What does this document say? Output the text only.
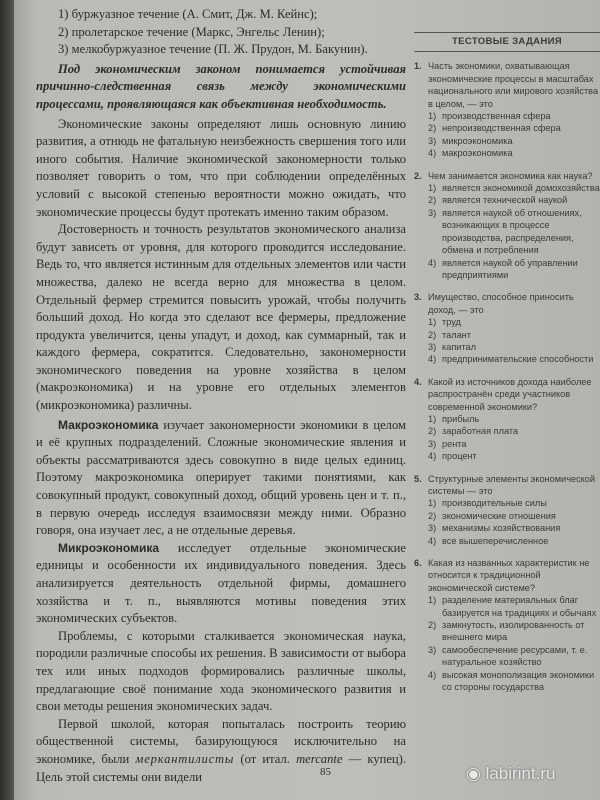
1) буржуазное течение (А. Смит, Дж. М. Кейнс);

2) пролетарское течение (Маркс, Энгельс Ленин);

3) мелкобуржуазное течение (П. Ж. Прудон, М. Бакунин).

Под экономическим законом понимается устойчивая причинно-следственная связь между экономическими процессами, проявляющаяся как объективная необходимость.

Экономические законы определяют лишь основную линию развития, а отнюдь не фатальную неизбежность свершения того или иного события. Наличие экономической закономерности только позволяет говорить о том, что при соблюдении определённых условий с высокой степенью вероятности можно ожидать, что экономические процессы будут протекать именно таким образом.

Достоверность и точность результатов экономического анализа будут зависеть от уровня, для которого проводится исследование. Ведь то, что является истинным для отдельных элементов или части множества, далеко не всегда верно для множества в целом. Отдельный фермер стремится повысить урожай, чтобы получить больший доход. Но когда это сделают все фермеры, предложение продукта увеличится, цены упадут, и доход, как суммарный, так и каждого фермера, сократится. Следовательно, закономерности экономического поведения на уровне хозяйства в целом (макроэкономика) и на уровне его отдельных элементов (микроэкономика) различны.

Макроэкономика изучает закономерности экономики в целом и её крупных подразделений. Сложные экономические явления и объекты рассматриваются здесь совокупно в виде целых единиц. Поэтому макроэкономика оперирует такими понятиями, как совокупный продукт, совокупный доход, общий уровень цен и т. п., в первую очередь исследуя взаимосвязи между ними. Образно говоря, она изучает лес, а не отдельные деревья.

Микроэкономика исследует отдельные экономические единицы и особенности их индивидуального поведения. Здесь анализируется деятельность отдельной фирмы, домашнего хозяйства и т. п., выявляются мотивы поведения этих экономических субъектов.

Проблемы, с которыми сталкивается экономическая наука, породили различные способы их решения. В зависимости от выбора тех или иных подходов формировались различные школы, предлагающие своё понимание хода экономического развития и свои методы решения экономических задач.

Первой школой, которая попыталась построить теорию общественной системы, базирующуюся исключительно на экономике, были меркантилисты (от итал. mercante — купец). Цель этой системы они видели

ТЕСТОВЫЕ ЗАДАНИЯ
1. Часть экономики, охватывающая экономические процессы в масштабах национального или мирового хозяйства в целом, — это
1) производственная сфера
2) непроизводственная сфера
3) микроэкономика
4) макроэкономика
2. Чем занимается экономика как наука?
1) является экономикой домохозяйства
2) является технической наукой
3) является наукой об отношениях, возникающих в процессе производства, распределения, обмена и потребления
4) является наукой об управлении предприятиями
3. Имущество, способное приносить доход, — это
1) труд
2) талант
3) капитал
4) предпринимательские способности
4. Какой из источников дохода наиболее распространён среди участников современной экономики?
1) прибыль
2) заработная плата
3) рента
4) процент
5. Структурные элементы экономической системы — это
1) производительные силы
2) экономические отношения
3) механизмы хозяйствования
4) все вышеперечисленное
6. Какая из названных характеристик не относится к традиционной экономической системе?
1) разделение материальных благ базируется на традициях и обычаях
2) замкнутость, изолированность от внешнего мира
3) самообеспечение ресурсами, т. е. натуральное хозяйство
4) высокая монополизация экономики со стороны государства
85	◉ labirint.ru
